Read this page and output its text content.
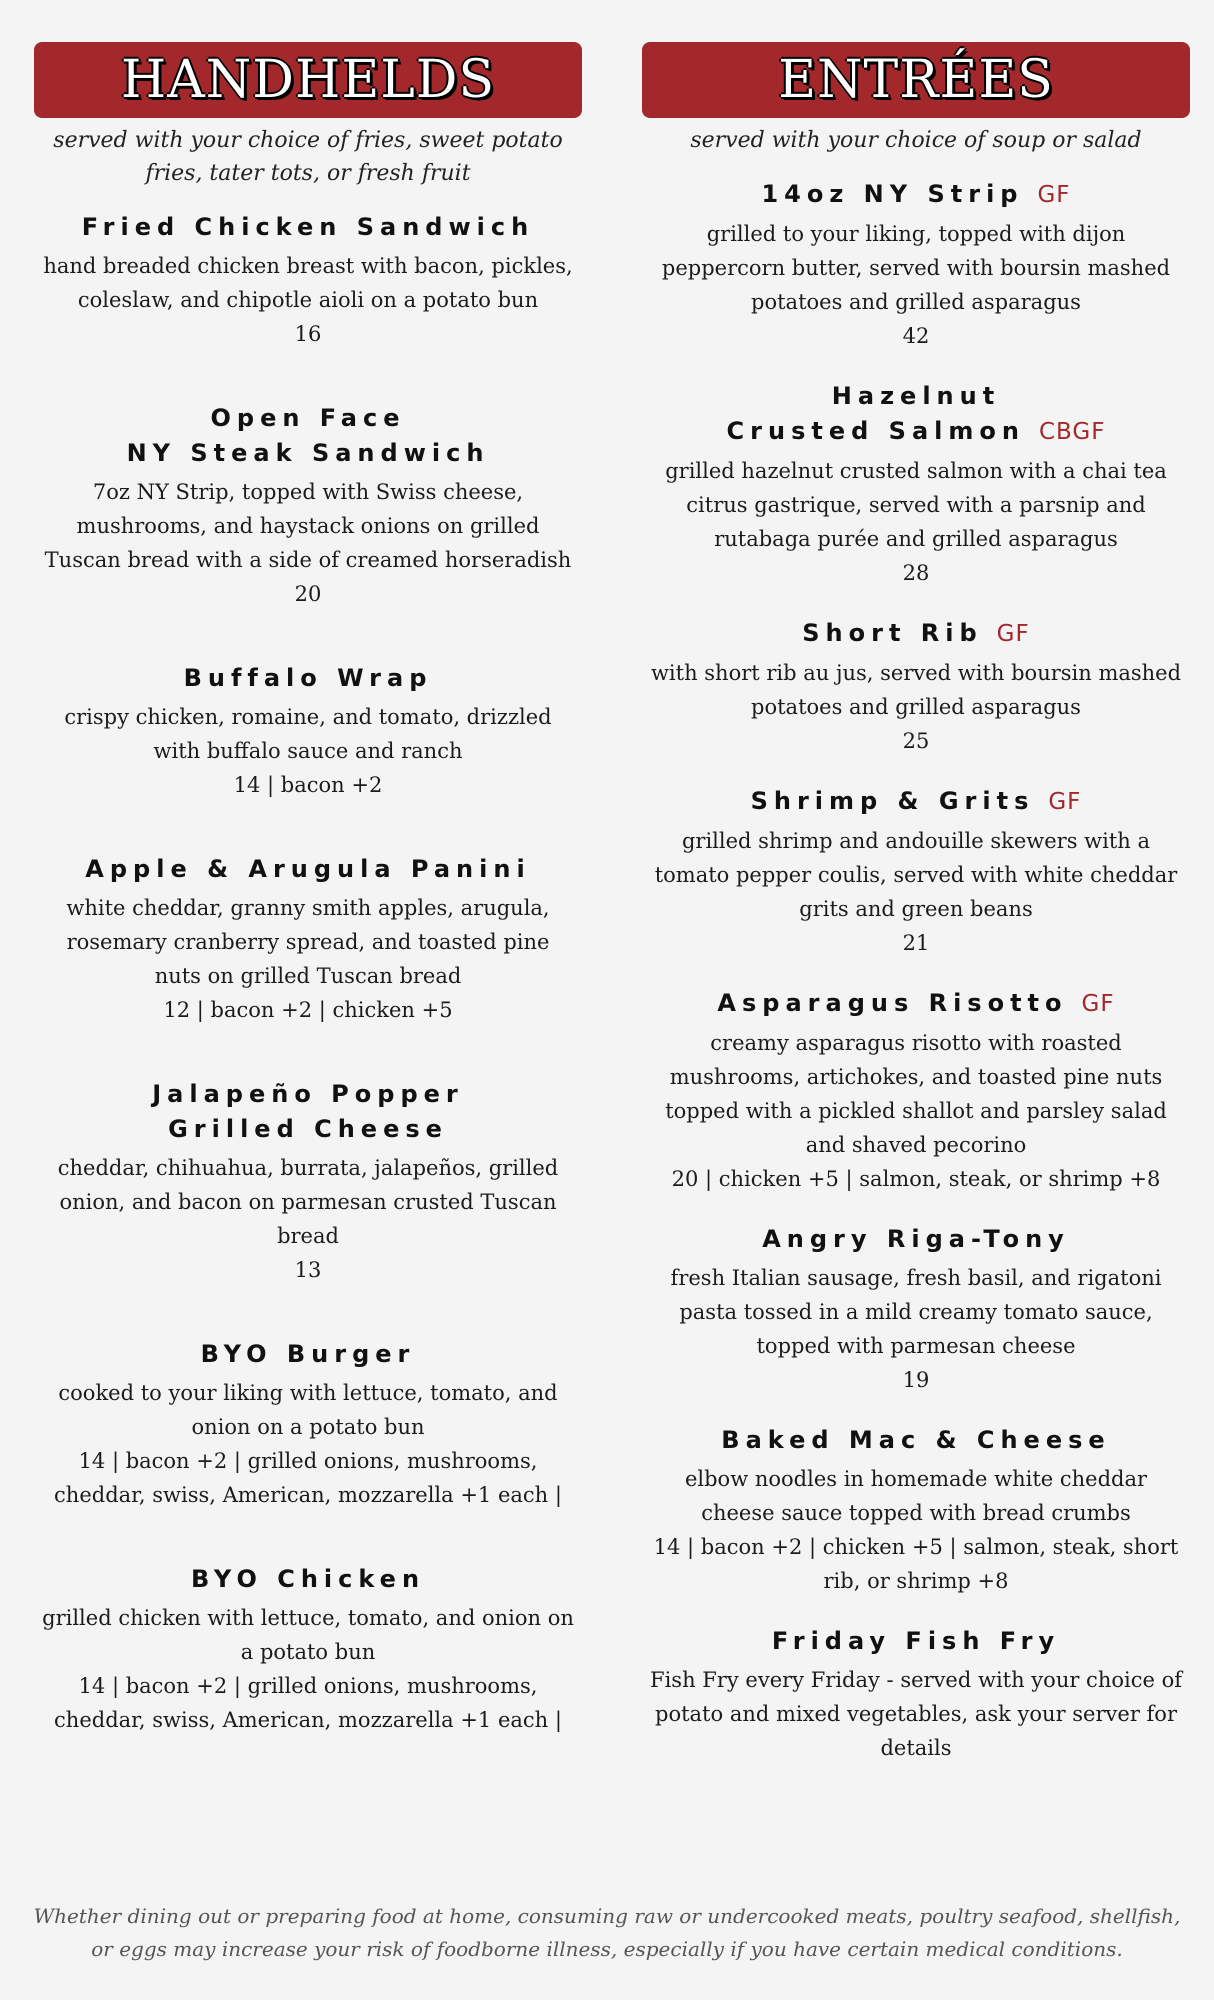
HANDHELDS
served with your choice of fries, sweet potato fries, tater tots, or fresh fruit
Fried Chicken Sandwich
hand breaded chicken breast with bacon, pickles, coleslaw, and chipotle aioli on a potato bun
16
Open Face
NY Steak Sandwich
7oz NY Strip, topped with Swiss cheese, mushrooms, and haystack onions on grilled Tuscan bread with a side of creamed horseradish
20
Buffalo Wrap
crispy chicken, romaine, and tomato, drizzled with buffalo sauce and ranch
14 | bacon +2
Apple & Arugula Panini
white cheddar, granny smith apples, arugula, rosemary cranberry spread, and toasted pine nuts on grilled Tuscan bread
12 | bacon +2 | chicken +5
Jalapeño Popper
Grilled Cheese
cheddar, chihuahua, burrata, jalapeños, grilled onion, and bacon on parmesan crusted Tuscan bread
13
BYO Burger
cooked to your liking with lettuce, tomato, and onion on a potato bun
14 | bacon +2 | grilled onions, mushrooms, cheddar, swiss, American, mozzarella +1 each |
BYO Chicken
grilled chicken with lettuce, tomato, and onion on a potato bun
14 | bacon +2 | grilled onions, mushrooms, cheddar, swiss, American, mozzarella +1 each |
ENTRÉES
served with your choice of soup or salad
14oz NY Strip GF
grilled to your liking, topped with dijon peppercorn butter, served with boursin mashed potatoes and grilled asparagus
42
Hazelnut
Crusted Salmon CBGF
grilled hazelnut crusted salmon with a chai tea citrus gastrique, served with a parsnip and rutabaga purée and grilled asparagus
28
Short Rib GF
with short rib au jus, served with boursin mashed potatoes and grilled asparagus
25
Shrimp & Grits GF
grilled shrimp and andouille skewers with a tomato pepper coulis, served with white cheddar grits and green beans
21
Asparagus Risotto GF
creamy asparagus risotto with roasted mushrooms, artichokes, and toasted pine nuts topped with a pickled shallot and parsley salad and shaved pecorino
20 | chicken +5 | salmon, steak, or shrimp +8
Angry Riga-Tony
fresh Italian sausage, fresh basil, and rigatoni pasta tossed in a mild creamy tomato sauce, topped with parmesan cheese
19
Baked Mac & Cheese
elbow noodles in homemade white cheddar cheese sauce topped with bread crumbs
14 | bacon +2 | chicken +5 | salmon, steak, short rib, or shrimp +8
Friday Fish Fry
Fish Fry every Friday - served with your choice of potato and mixed vegetables, ask your server for details
Whether dining out or preparing food at home, consuming raw or undercooked meats, poultry seafood, shellfish, or eggs may increase your risk of foodborne illness, especially if you have certain medical conditions.
